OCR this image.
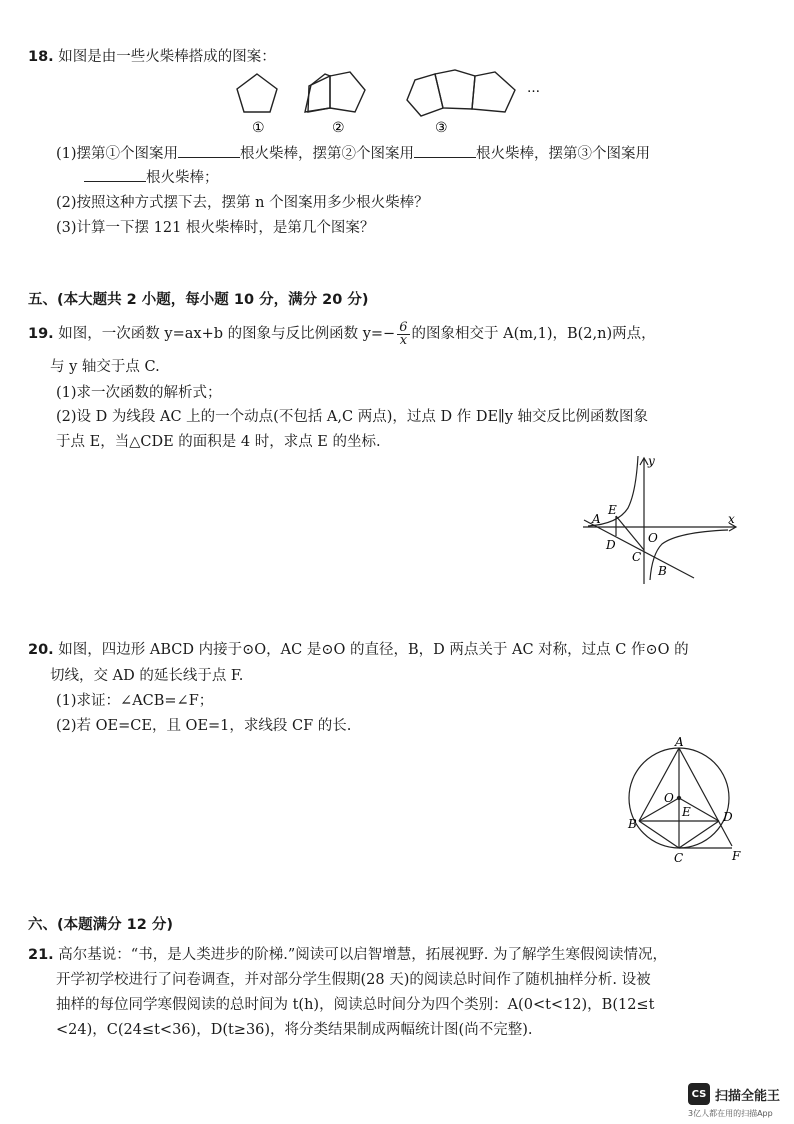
18. 如图是由一些火柴棒搭成的图案：
…
①	②	③
(1)摆第①个图案用	根火柴棒，摆第②个图案用	根火柴棒，摆第③个图案用
根火柴棒；
(2)按照这种方式摆下去，摆第 n 个图案用多少根火柴棒？
(3)计算一下摆 121 根火柴棒时，是第几个图案？
五、(本大题共 2 小题，每小题 10 分，满分 20 分)
19. 如图，一次函数 y=ax+b 的图象与反比例函数 $y=- \frac{6}{x}$ 的图象相交于 A(m,1)，B(2,n)两点，
与 y 轴交于点 C.
(1)求一次函数的解析式；
(2)设 D 为线段 AC 上的一个动点(不包括 A,C 两点)，过点 D 作 DE∥y 轴交反比例函数图象
于点 E，当△CDE 的面积是 4 时，求点 E 的坐标.
y
x
A
E
D	O
C
B
20. 如图，四边形 ABCD 内接于⊙O，AC 是⊙O 的直径，B，D 两点关于 AC 对称，过点 C 作⊙O 的
切线，交 AD 的延长线于点 F.
(1)求证：∠ACB=∠F；
(2)若 OE=CE，且 OE=1，求线段 CF 的长.
A
O
E
B	D
C	F
六、(本题满分 12 分)
21. 高尔基说：“书，是人类进步的阶梯.”阅读可以启智增慧，拓展视野. 为了解学生寒假阅读情况，
开学初学校进行了问卷调查，并对部分学生假期(28 天)的阅读总时间作了随机抽样分析. 设被
抽样的每位同学寒假阅读的总时间为 t(h)，阅读总时间分为四个类别：A(0<t<12)，B(12≤t
<24)，C(24≤t<36)，D(t≥36)，将分类结果制成两幅统计图(尚不完整).
CS 扫描全能王
3亿人都在用的扫描App
